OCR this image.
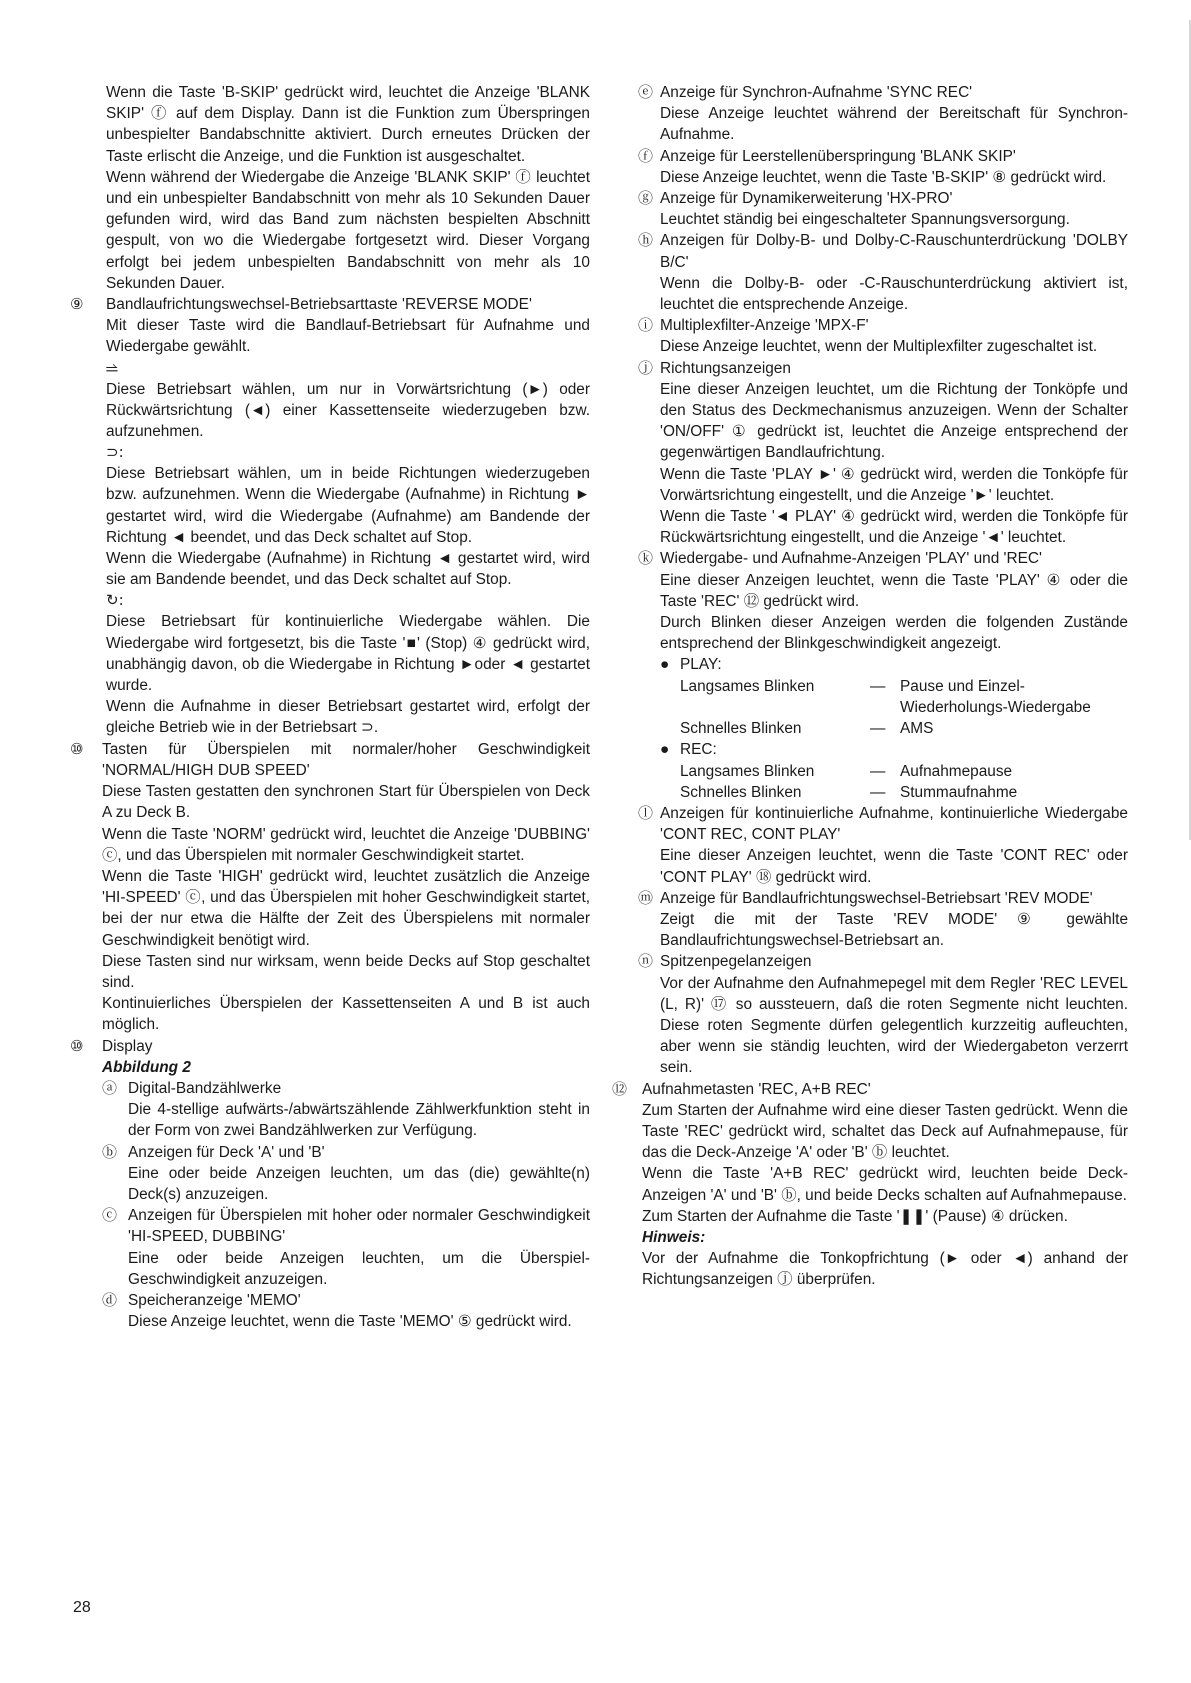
Wenn die Taste 'B-SKIP' gedrückt wird, leuchtet die Anzeige 'BLANK SKIP' ⓕ auf dem Display. Dann ist die Funktion zum Überspringen unbespielter Bandabschnitte aktiviert. Durch erneutes Drücken der Taste erlischt die Anzeige, und die Funktion ist ausgeschaltet.

Wenn während der Wiedergabe die Anzeige 'BLANK SKIP' ⓕ leuchtet und ein unbespielter Bandabschnitt von mehr als 10 Sekunden Dauer gefunden wird, wird das Band zum nächsten bespielten Abschnitt gespult, von wo die Wiedergabe fortgesetzt wird. Dieser Vorgang erfolgt bei jedem unbespielten Bandabschnitt von mehr als 10 Sekunden Dauer.

⑨ Bandlaufrichtungswechsel-Betriebsarttaste 'REVERSE MODE'

Mit dieser Taste wird die Bandlauf-Betriebsart für Aufnahme und Wiedergabe gewählt.

⥬

Diese Betriebsart wählen, um nur in Vorwärtsrichtung (►) oder Rückwärtsrichtung (◄) einer Kassettenseite wiederzugeben bzw. aufzunehmen.

⊃:

Diese Betriebsart wählen, um in beide Richtungen wiederzugeben bzw. aufzunehmen. Wenn die Wiedergabe (Aufnahme) in Richtung ► gestartet wird, wird die Wiedergabe (Aufnahme) am Bandende der Richtung ◄ beendet, und das Deck schaltet auf Stop.

Wenn die Wiedergabe (Aufnahme) in Richtung ◄ gestartet wird, wird sie am Bandende beendet, und das Deck schaltet auf Stop.

↻:

Diese Betriebsart für kontinuierliche Wiedergabe wählen. Die Wiedergabe wird fortgesetzt, bis die Taste '■' (Stop) ④ gedrückt wird, unabhängig davon, ob die Wiedergabe in Richtung ►oder ◄ gestartet wurde.

Wenn die Aufnahme in dieser Betriebsart gestartet wird, erfolgt der gleiche Betrieb wie in der Betriebsart ⊃.

⑩ Tasten für Überspielen mit normaler/hoher Geschwindigkeit 'NORMAL/HIGH DUB SPEED'

Diese Tasten gestatten den synchronen Start für Überspielen von Deck A zu Deck B.

Wenn die Taste 'NORM' gedrückt wird, leuchtet die Anzeige 'DUBBING' ⓒ, und das Überspielen mit normaler Geschwindigkeit startet.

Wenn die Taste 'HIGH' gedrückt wird, leuchtet zusätzlich die Anzeige 'HI-SPEED' ⓒ, und das Überspielen mit hoher Geschwindigkeit startet, bei der nur etwa die Hälfte der Zeit des Überspielens mit normaler Geschwindigkeit benötigt wird.

Diese Tasten sind nur wirksam, wenn beide Decks auf Stop geschaltet sind.

Kontinuierliches Überspielen der Kassettenseiten A und B ist auch möglich.

⑩ Display

Abbildung 2

ⓐ Digital-Bandzählwerke

Die 4-stellige aufwärts-/abwärtszählende Zählwerkfunktion steht in der Form von zwei Bandzählwerken zur Verfügung.

ⓑ Anzeigen für Deck 'A' und 'B'

Eine oder beide Anzeigen leuchten, um das (die) gewählte(n) Deck(s) anzuzeigen.

ⓒ Anzeigen für Überspielen mit hoher oder normaler Geschwindigkeit 'HI-SPEED, DUBBING'

Eine oder beide Anzeigen leuchten, um die Überspiel-Geschwindigkeit anzuzeigen.

ⓓ Speicheranzeige 'MEMO'

Diese Anzeige leuchtet, wenn die Taste 'MEMO' ⑤ gedrückt wird.

ⓔ Anzeige für Synchron-Aufnahme 'SYNC REC'

Diese Anzeige leuchtet während der Bereitschaft für Synchron-Aufnahme.

ⓕ Anzeige für Leerstellenüberspringung 'BLANK SKIP'

Diese Anzeige leuchtet, wenn die Taste 'B-SKIP' ⑧ gedrückt wird.

ⓖ Anzeige für Dynamikerweiterung 'HX-PRO'

Leuchtet ständig bei eingeschalteter Spannungsversorgung.

ⓗ Anzeigen für Dolby-B- und Dolby-C-Rauschunterdrückung 'DOLBY B/C'

Wenn die Dolby-B- oder -C-Rauschunterdrückung aktiviert ist, leuchtet die entsprechende Anzeige.

ⓘ Multiplexfilter-Anzeige 'MPX-F'

Diese Anzeige leuchtet, wenn der Multiplexfilter zugeschaltet ist.

ⓙ Richtungsanzeigen

Eine dieser Anzeigen leuchtet, um die Richtung der Tonköpfe und den Status des Deckmechanismus anzuzeigen. Wenn der Schalter 'ON/OFF' ① gedrückt ist, leuchtet die Anzeige entsprechend der gegenwärtigen Bandlaufrichtung.

Wenn die Taste 'PLAY ►' ④ gedrückt wird, werden die Tonköpfe für Vorwärtsrichtung eingestellt, und die Anzeige '►' leuchtet.

Wenn die Taste '◄ PLAY' ④ gedrückt wird, werden die Tonköpfe für Rückwärtsrichtung eingestellt, und die Anzeige '◄' leuchtet.

ⓚ Wiedergabe- und Aufnahme-Anzeigen 'PLAY' und 'REC'

Eine dieser Anzeigen leuchtet, wenn die Taste 'PLAY' ④ oder die Taste 'REC' ⑫ gedrückt wird.

Durch Blinken dieser Anzeigen werden die folgenden Zustände entsprechend der Blinkgeschwindigkeit angezeigt.

● PLAY:

Langsames Blinken	—	Pause und Einzel-Wiederholungs-Wiedergabe
Schnelles Blinken	—	AMS

● REC:

Langsames Blinken	—	Aufnahmepause
Schnelles Blinken	—	Stummaufnahme
ⓛ Anzeigen für kontinuierliche Aufnahme, kontinuierliche Wiedergabe 'CONT REC, CONT PLAY'

Eine dieser Anzeigen leuchtet, wenn die Taste 'CONT REC' oder 'CONT PLAY' ⑱ gedrückt wird.

ⓜ Anzeige für Bandlaufrichtungswechsel-Betriebsart 'REV MODE'

Zeigt die mit der Taste 'REV MODE' ⑨ gewählte Bandlaufrichtungswechsel-Betriebsart an.

ⓝ Spitzenpegelanzeigen

Vor der Aufnahme den Aufnahmepegel mit dem Regler 'REC LEVEL (L, R)' ⑰ so aussteuern, daß die roten Segmente nicht leuchten. Diese roten Segmente dürfen gelegentlich kurzzeitig aufleuchten, aber wenn sie ständig leuchten, wird der Wiedergabeton verzerrt sein.

⑫ Aufnahmetasten 'REC, A+B REC'

Zum Starten der Aufnahme wird eine dieser Tasten gedrückt. Wenn die Taste 'REC' gedrückt wird, schaltet das Deck auf Aufnahmepause, für das die Deck-Anzeige 'A' oder 'B' ⓑ leuchtet.

Wenn die Taste 'A+B REC' gedrückt wird, leuchten beide Deck-Anzeigen 'A' und 'B' ⓑ, und beide Decks schalten auf Aufnahmepause.

Zum Starten der Aufnahme die Taste '❚❚' (Pause) ④ drücken.

Hinweis:

Vor der Aufnahme die Tonkopfrichtung (► oder ◄) anhand der Richtungsanzeigen ⓙ überprüfen.

28
